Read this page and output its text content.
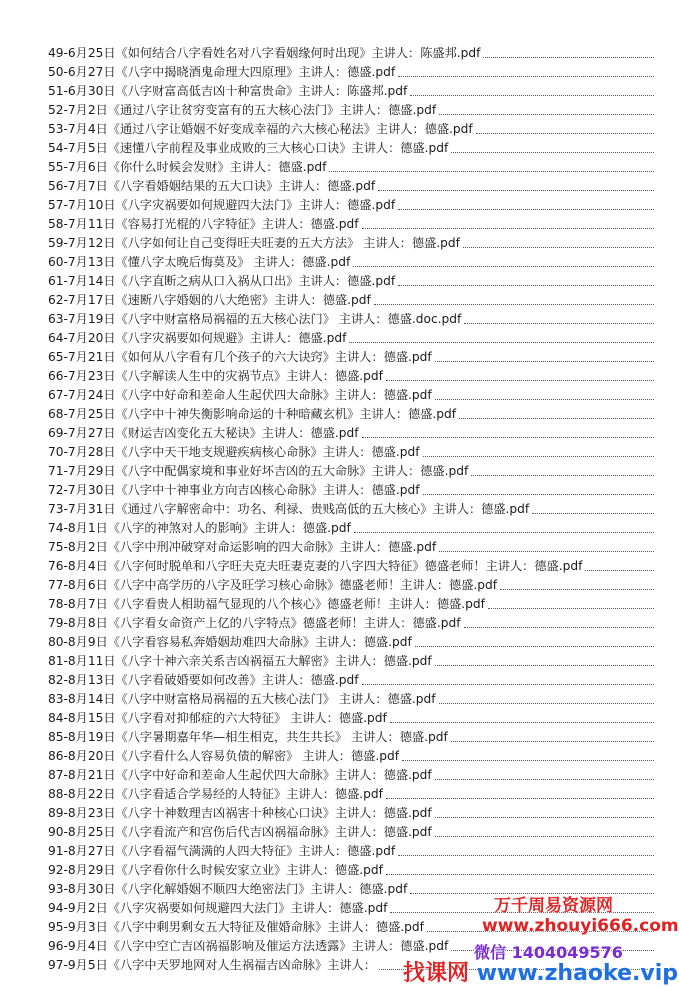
49-6月25日《如何结合八字看姓名对八字看姻缘何时出现》主讲人：陈盛邦.pdf
50-6月27日《八字中揭晓酒鬼命理大四原理》主讲人：德盛.pdf
51-6月30日《八字财富高低吉凶十种富贵命》主讲人：陈盛邦.pdf
52-7月2日《通过八字让贫穷变富有的五大核心法门》主讲人：德盛.pdf
53-7月4日《通过八字让婚姻不好变成幸福的六大核心秘法》主讲人：德盛.pdf
54-7月5日《速懂八字前程及事业成败的三大核心口诀》主讲人：德盛.pdf
55-7月6日《你什么时候会发财》主讲人：德盛.pdf
56-7月7日《八字看婚姻结果的五大口诀》主讲人：德盛.pdf
57-7月10日《八字灾祸要如何规避四大法门》主讲人：德盛.pdf
58-7月11日《容易打光棍的八字特征》主讲人：德盛.pdf
59-7月12日《八字如何让自己变得旺夫旺妻的五大方法》 主讲人：德盛.pdf
60-7月13日《懂八字太晚后悔莫及》 主讲人：德盛.pdf
61-7月14日《八字直断之病从口入祸从口出》主讲人：德盛.pdf
62-7月17日《速断八字婚姻的八大绝密》主讲人：德盛.pdf
63-7月19日《八字中财富格局祸福的五大核心法门》 主讲人：德盛.doc.pdf
64-7月20日《八字灾祸要如何规避》主讲人：德盛.pdf
65-7月21日《如何从八字看有几个孩子的六大诀窍》主讲人：德盛.pdf
66-7月23日《八字解读人生中的灾祸节点》主讲人：德盛.pdf
67-7月24日《八字中好命和差命人生起伏四大命脉》主讲人：德盛.pdf
68-7月25日《八字中十神失衡影响命运的十种暗藏玄机》主讲人：德盛.pdf
69-7月27日《财运吉凶变化五大秘诀》主讲人：德盛.pdf
70-7月28日《八字中天干地支规避疾病核心命脉》主讲人：德盛.pdf
71-7月29日《八字中配偶家境和事业好坏吉凶的五大命脉》主讲人：德盛.pdf
72-7月30日《八字中十神事业方向吉凶核心命脉》主讲人：德盛.pdf
73-7月31日《通过八字解密命中：功名、利禄、贵贱高低的五大核心》主讲人：德盛.pdf
74-8月1日《八字的神煞对人的影响》主讲人：德盛.pdf
75-8月2日《八字中刑冲破穿对命运影响的四大命脉》主讲人：德盛.pdf
76-8月4日《八字何时脱单和八字旺夫克夫旺妻克妻的八字四大特征》德盛老师！主讲人：德盛.pdf
77-8月6日《八字中高学历的八字及旺学习核心命脉》德盛老师！主讲人：德盛.pdf
78-8月7日《八字看贵人相助福气显现的八个核心》德盛老师！主讲人：德盛.pdf
79-8月8日《八字看女命资产上亿的八字特点》德盛老师！主讲人：德盛.pdf
80-8月9日《八字看容易私奔婚姻劫难四大命脉》主讲人：德盛.pdf
81-8月11日《八字十神六亲关系吉凶祸福五大解密》主讲人：德盛.pdf
82-8月13日《八字看破婚要如何改善》主讲人：德盛.pdf
83-8月14日《八字中财富格局祸福的五大核心法门》 主讲人：德盛.pdf
84-8月15日《八字看对抑郁症的六大特征》 主讲人：德盛.pdf
85-8月19日《八字暑期嘉年华—相生相克，共生共长》 主讲人：德盛.pdf
86-8月20日《八字看什么人容易负债的解密》 主讲人：德盛.pdf
87-8月21日《八字中好命和差命人生起伏四大命脉》主讲人：德盛.pdf
88-8月22日《八字看适合学易经的人特征》主讲人：德盛.pdf
89-8月23日《八字十神数理吉凶祸害十种核心口诀》主讲人：德盛.pdf
90-8月25日《八字看流产和宫伤后代吉凶祸福命脉》主讲人：德盛.pdf
91-8月27日《八字看福气满满的人四大特征》主讲人：德盛.pdf
92-8月29日《八字看你什么时候安家立业》主讲人：德盛.pdf
93-8月30日《八字化解婚姻不顺四大绝密法门》主讲人：德盛.pdf
94-9月2日《八字灾祸要如何规避四大法门》主讲人：德盛.pdf
95-9月3日《八字中剩男剩女五大特征及催婚命脉》主讲人：德盛.pdf
96-9月4日《八字中空亡吉凶祸福影响及催运方法透露》主讲人：德盛.pdf
97-9月5日《八字中天罗地网对人生祸福吉凶命脉》主讲人：
万千周易资源网
www.zhouyi666.com
微信 1404049576
找课网 www.zhaoke.vip
